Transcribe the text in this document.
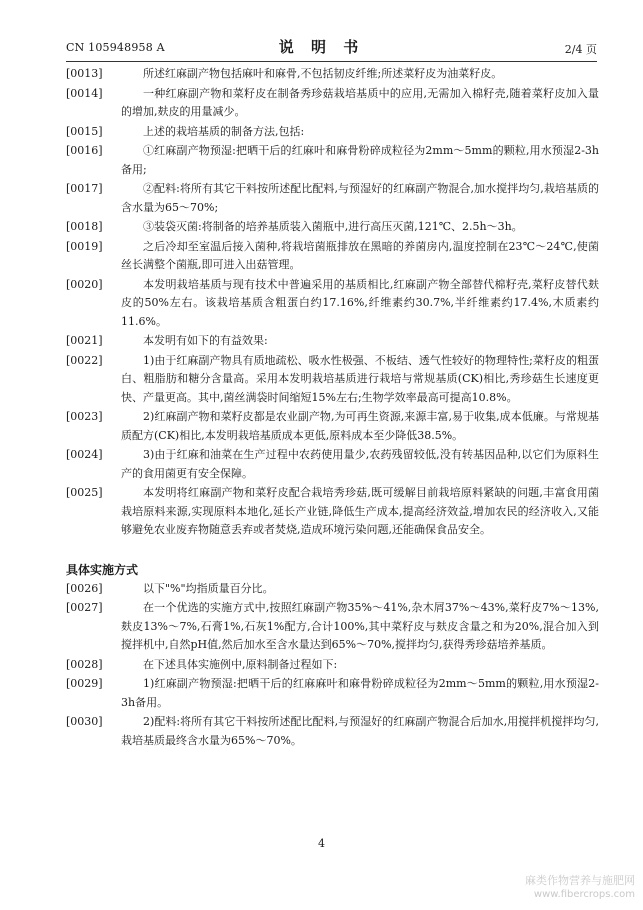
CN 105948958 A	说 明 书	2/4 页
[0013]	所述红麻副产物包括麻叶和麻骨,不包括韧皮纤维;所述菜籽皮为油菜籽皮。
[0014]	一种红麻副产物和菜籽皮在制备秀珍菇栽培基质中的应用,无需加入棉籽壳,随着菜籽皮加入量的增加,麸皮的用量减少。
[0015]	上述的栽培基质的制备方法,包括:
[0016]	①红麻副产物预湿:把晒干后的红麻叶和麻骨粉碎成粒径为2mm～5mm的颗粒,用水预湿2-3h备用;
[0017]	②配料:将所有其它干料按所述配比配料,与预湿好的红麻副产物混合,加水搅拌均匀,栽培基质的含水量为65～70%;
[0018]	③装袋灭菌:将制备的培养基质装入菌瓶中,进行高压灭菌,121℃、2.5h～3h。
[0019]	之后冷却至室温后接入菌种,将栽培菌瓶排放在黑暗的养菌房内,温度控制在23℃～24℃,使菌丝长满整个菌瓶,即可进入出菇管理。
[0020]	本发明栽培基质与现有技术中普遍采用的基质相比,红麻副产物全部替代棉籽壳,菜籽皮替代麸皮的50%左右。该栽培基质含粗蛋白约17.16%,纤维素约30.7%,半纤维素约17.4%,木质素约11.6%。
[0021]	本发明有如下的有益效果:
[0022]	1)由于红麻副产物具有质地疏松、吸水性极强、不板结、透气性较好的物理特性;菜籽皮的粗蛋白、粗脂肪和糖分含量高。采用本发明栽培基质进行栽培与常规基质(CK)相比,秀珍菇生长速度更快、产量更高。其中,菌丝满袋时间缩短15%左右;生物学效率最高可提高10.8%。
[0023]	2)红麻副产物和菜籽皮都是农业副产物,为可再生资源,来源丰富,易于收集,成本低廉。与常规基质配方(CK)相比,本发明栽培基质成本更低,原料成本至少降低38.5%。
[0024]	3)由于红麻和油菜在生产过程中农药使用量少,农药残留较低,没有转基因品种,以它们为原料生产的食用菌更有安全保障。
[0025]	本发明将红麻副产物和菜籽皮配合栽培秀珍菇,既可缓解目前栽培原料紧缺的问题,丰富食用菌栽培原料来源,实现原料本地化,延长产业链,降低生产成本,提高经济效益,增加农民的经济收入,又能够避免农业废弃物随意丢弃或者焚烧,造成环境污染问题,还能确保食品安全。
具体实施方式
[0026]	以下"%"均指质量百分比。
[0027]	在一个优选的实施方式中,按照红麻副产物35%～41%,杂木屑37%～43%,菜籽皮7%～13%,麸皮13%～7%,石膏1%,石灰1%配方,合计100%,其中菜籽皮与麸皮含量之和为20%,混合加入到搅拌机中,自然pH值,然后加水至含水量达到65%～70%,搅拌均匀,获得秀珍菇培养基质。
[0028]	在下述具体实施例中,原料制备过程如下:
[0029]	1)红麻副产物预湿:把晒干后的红麻麻叶和麻骨粉碎成粒径为2mm～5mm的颗粒,用水预湿2-3h备用。
[0030]	2)配料:将所有其它干料按所述配比配料,与预湿好的红麻副产物混合后加水,用搅拌机搅拌均匀,栽培基质最终含水量为65%～70%。
4
麻类作物营养与施肥网
www.fibercrops.com
